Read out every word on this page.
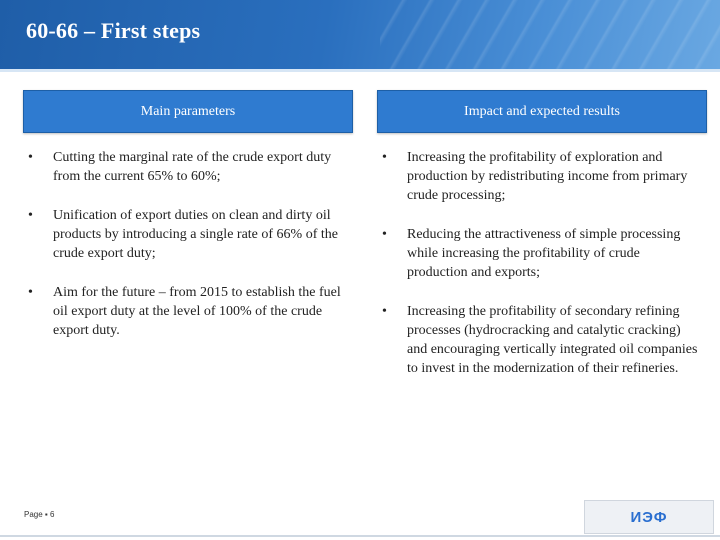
60-66 – First steps
Main parameters	Impact and expected results
•	Cutting the marginal rate of the crude export duty from the current 65% to 60%;
•	Unification of export duties on clean and dirty oil products by introducing a single rate of 66% of the crude export duty;
•	Aim for the future – from 2015 to establish the fuel oil export duty at the level of 100% of the crude export duty.
•	Increasing the profitability of exploration and production by redistributing income from primary crude processing;
•	Reducing the attractiveness of simple processing while increasing the profitability of crude production and exports;
•	Increasing the profitability of secondary refining processes (hydrocracking and catalytic cracking) and encouraging vertically integrated oil companies to invest in the modernization of their refineries.
Page ▪ 6	ИЭФ
